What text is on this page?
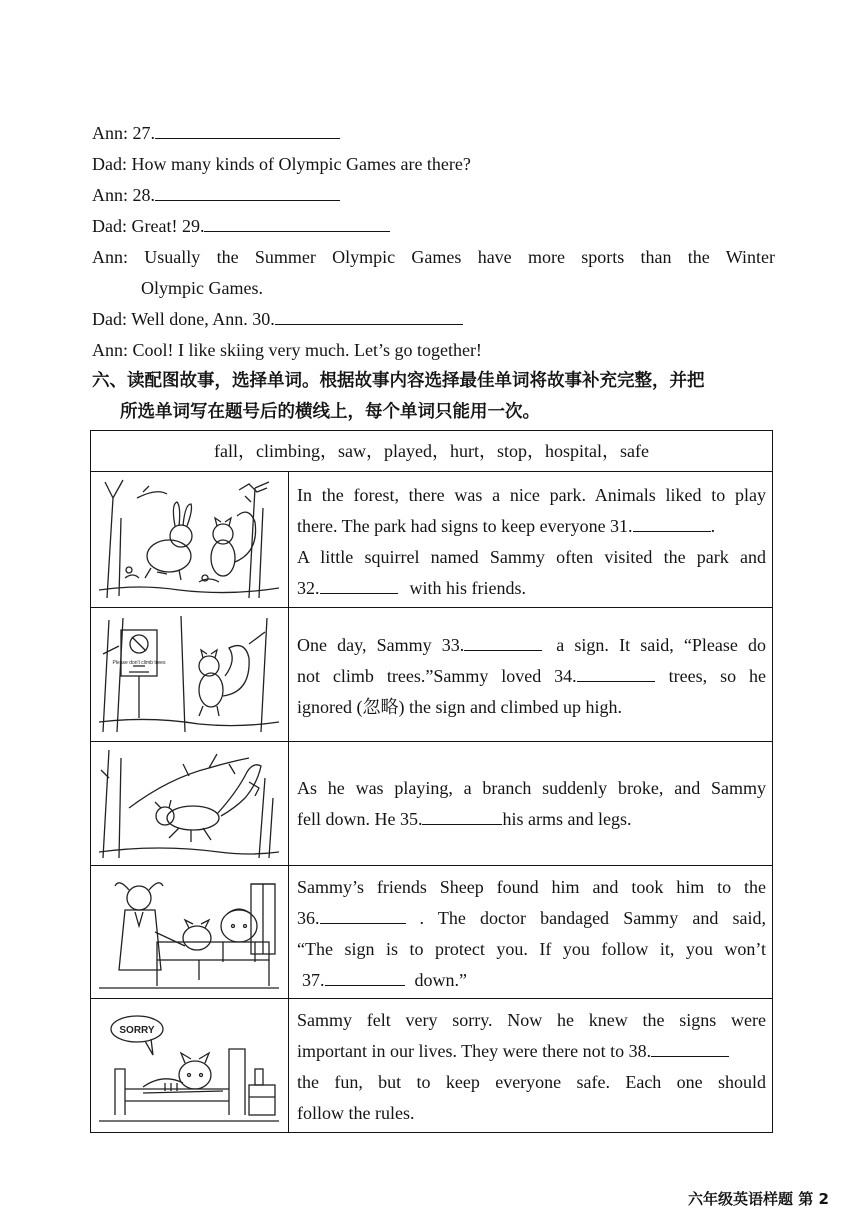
Ann: 27.
Dad: How many kinds of Olympic Games are there?
Ann: 28.
Dad: Great! 29.
Ann: Usually the Summer Olympic Games have more sports than the Winter
Olympic Games.
Dad: Well done, Ann. 30.
Ann: Cool! I like skiing very much. Let’s go together!
六、读配图故事，选择单词。根据故事内容选择最佳单词将故事补充完整，并把
所选单词写在题号后的横线上，每个单词只能用一次。
fall，climbing，saw，played，hurt，stop，hospital，safe
In the forest, there was a nice park. Animals liked to play
there. The park had signs to keep everyone 31.	.
A little squirrel named Sammy often visited the park and
32.	with his friends.
Please don't climb trees
One day, Sammy 33.	a sign. It said, “Please do
not climb trees.”Sammy loved 34.	trees, so he
ignored (忽略) the sign and climbed up high.
As he was playing, a branch suddenly broke, and Sammy
fell down. He 35.	his arms and legs.
Sammy’s friends Sheep found him and took him to the
36.	. The doctor bandaged Sammy and said,
“The sign is to protect you. If you follow it, you won’t
37.	down.”
SORRY
Sammy felt very sorry. Now he knew the signs were
important in our lives. They were there not to 38.
the fun, but to keep everyone safe. Each one should
follow the rules.
六年级英语样题 第 2
